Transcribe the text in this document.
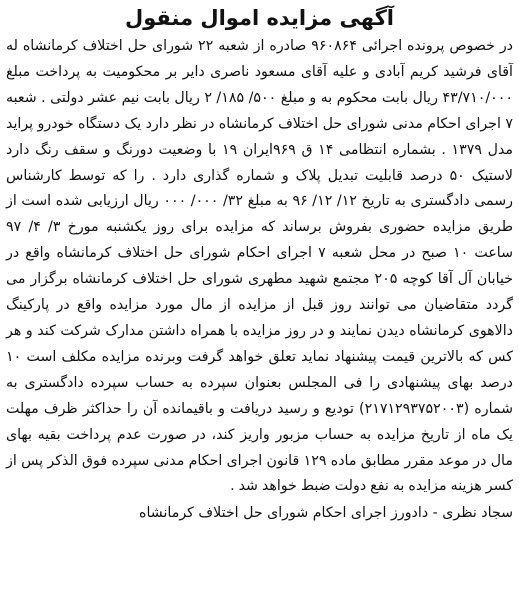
آگهی مزایده اموال منقول

در خصوص پرونده اجرائی ۹۶۰۸۶۴ صادره از شعبه ۲۲ شورای حل اختلاف کرمانشاه له آقای فرشید کریم آبادی و علیه آقای مسعود ناصری دایر بر محکومیت به پرداخت مبلغ ۴۳/۷۱۰/۰۰۰ ریال بابت محکوم به و مبلغ ۵۰۰/ ۱۸۵/ ۲ ریال بابت نیم عشر دولتی . شعبه ۷ اجرای احکام مدنی شورای حل اختلاف کرمانشاه در نظر دارد یک دستگاه خودرو پراید مدل ۱۳۷۹ . بشماره انتظامی ۱۴ ق ۹۶۹ایران ۱۹ با وضعیت دورنگ و سقف رنگ دارد لاستیک ۵۰ درصد قابلیت تبدیل پلاک و شماره گذاری دارد . را که توسط کارشناس رسمی دادگستری به تاریخ ۱۲/ ۱۲/ ۹۶ به مبلغ ۳۲/ ۰۰۰/ ۰۰۰ ریال ارزیابی شده است از طریق مزایده حضوری بفروش برساند که مزایده برای روز یکشنبه مورخ ۳/ ۴/ ۹۷ ساعت ۱۰ صبح در محل شعبه ۷ اجرای احکام شورای حل اختلاف کرمانشاه واقع در خیابان آل آقا کوچه ۲۰۵ مجتمع شهید مطهری شورای حل اختلاف کرمانشاه برگزار می گردد متقاضیان می توانند روز قبل از مزایده از مال مورد مزایده واقع در پارکینگ دالاهوی کرمانشاه دیدن نمایند و در روز مزایده با همراه داشتن مدارک شرکت کند و هر کس که بالاترین قیمت پیشنهاد نماید تعلق خواهد گرفت وبرنده مزایده مکلف است ۱۰ درصد بهای پیشنهادی را فی المجلس بعنوان سپرده به حساب سپرده دادگستری به شماره (۲۱۷۱۲۹۳۷۵۲۰۰۳) توديع و رسید دریافت و باقیمانده آن را حداکثر ظرف مهلت یک ماه از تاریخ مزایده به حساب مزبور واریز کند، در صورت عدم پرداخت بقیه بهای مال در موعد مقرر مطابق ماده ۱۲۹ قانون اجرای احکام مدنی سپرده فوق الذکر پس از کسر هزینه مزایده به نفع دولت ضبط خواهد شد .

سجاد نظری - دادورز اجرای احکام شورای حل اختلاف کرمانشاه
